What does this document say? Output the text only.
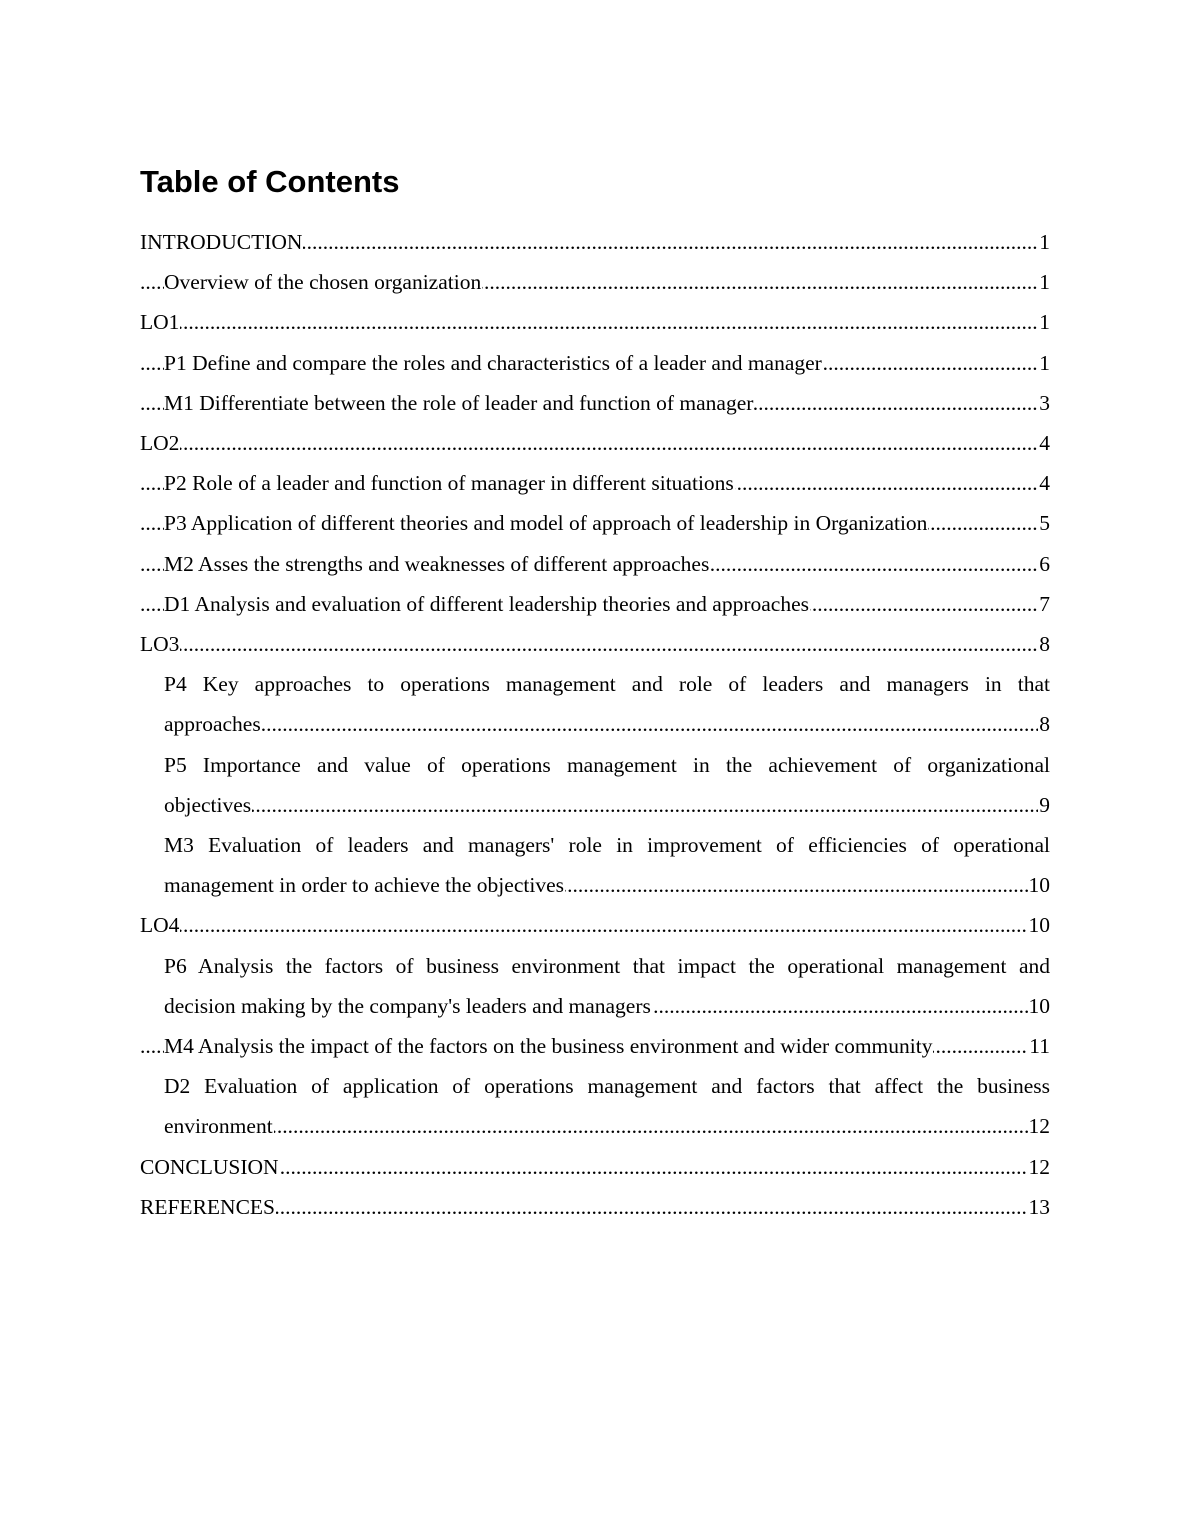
Table of Contents
.....
INTRODUCTION	1
.....
Overview of the chosen organization	1
.....
LO1	1
.....
P1 Define and compare the roles and characteristics of a leader and manager	1
.....
M1 Differentiate between the role of leader and function of manager	3
.....
LO2	4
.....
P2 Role of a leader and function of manager in different situations	4
.....
P3 Application of different theories and model of approach of leadership in Organization	5
.....
M2 Asses the strengths and weaknesses of different approaches	6
.....
D1 Analysis and evaluation of different leadership theories and approaches	7
.....
LO3	8
P4 Key approaches to operations management and role of leaders and managers in that
.....
approaches	8
P5 Importance and value of operations management in the achievement of organizational
.....
objectives	9
M3 Evaluation of leaders and managers' role in improvement of efficiencies of operational
.....
management in order to achieve the objectives	10
.....
LO4	10
P6 Analysis the factors of business environment that impact the operational management and
.....
decision making by the company's leaders and managers	10
.....
M4 Analysis the impact of the factors on the business environment and wider community	11
D2 Evaluation of application of operations management and factors that affect the business
.....
environment	12
.....
CONCLUSION	12
.....
REFERENCES	13
